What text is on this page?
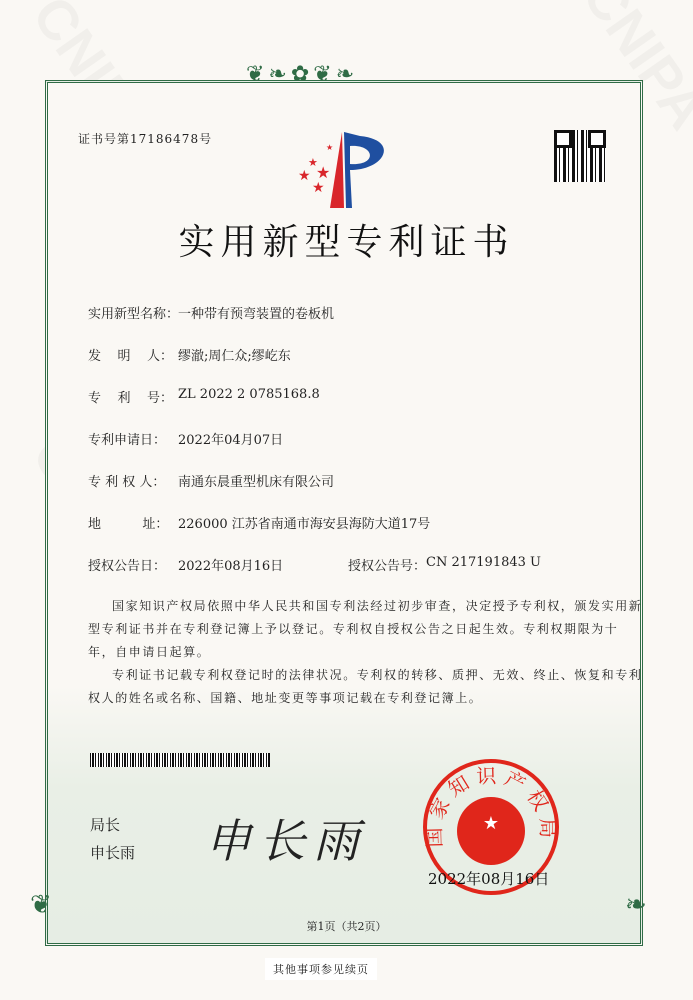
❦❧✿❦❧
❦	❧
证书号第17186478号
★
★
★
★
★
实用新型专利证书
实用新型名称：
一种带有预弯装置的卷板机
发    明    人： 缪澈;周仁众;缪屹东
专    利    号： ZL 2022 2 0785168.8
专利申请日： 2022年04月07日
专 利 权 人： 南通东晨重型机床有限公司
地          址： 226000 江苏省南通市海安县海防大道17号
授权公告日： 2022年08月16日	授权公告号： CN 217191843 U
国家知识产权局依照中华人民共和国专利法经过初步审查，决定授予专利权，颁发实用新型专利证书并在专利登记簿上予以登记。专利权自授权公告之日起生效。专利权期限为十年，自申请日起算。
专利证书记载专利权登记时的法律状况。专利权的转移、质押、无效、终止、恢复和专利权人的姓名或名称、国籍、地址变更等事项记载在专利登记簿上。
局长
申长雨 申长雨	★
国家知识产权局
2022年08月16日
第1页（共2页）
其他事项参见续页
